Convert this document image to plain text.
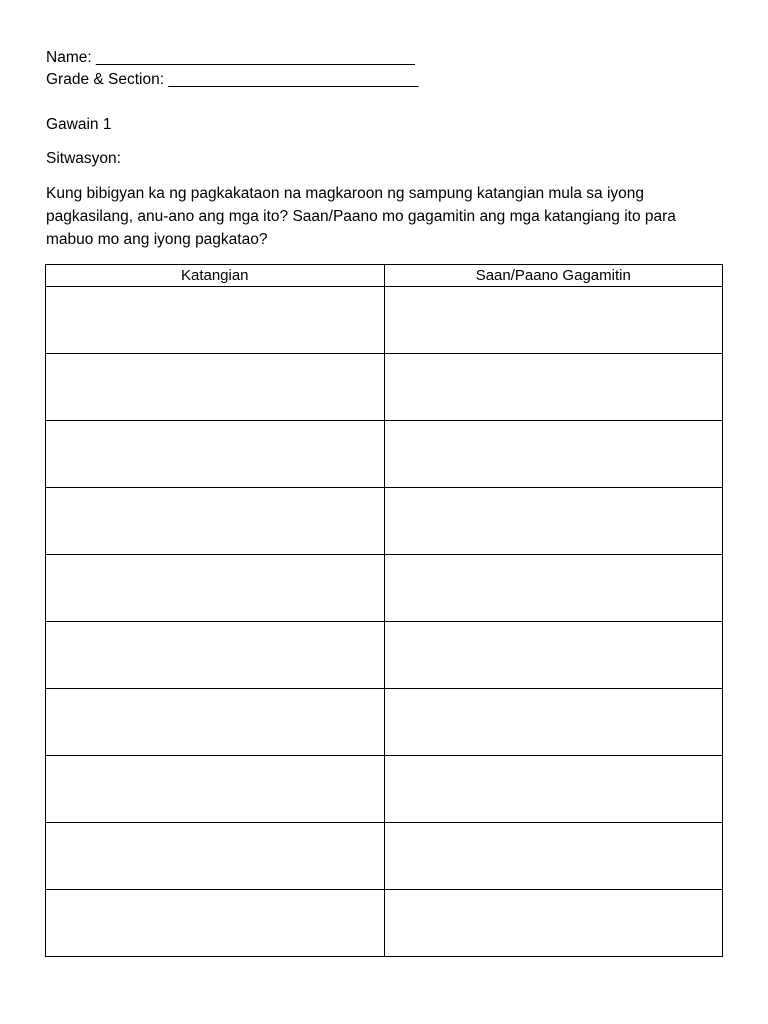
Name: _____________________________________
Grade & Section: _____________________________
Gawain 1
Sitwasyon:
Kung bibigyan ka ng pagkakataon na magkaroon ng sampung katangian mula sa iyong
pagkasilang, anu-ano ang mga ito? Saan/Paano mo gagamitin ang mga katangiang ito para
mabuo mo ang iyong pagkatao?
Katangian	Saan/Paano Gagamitin
